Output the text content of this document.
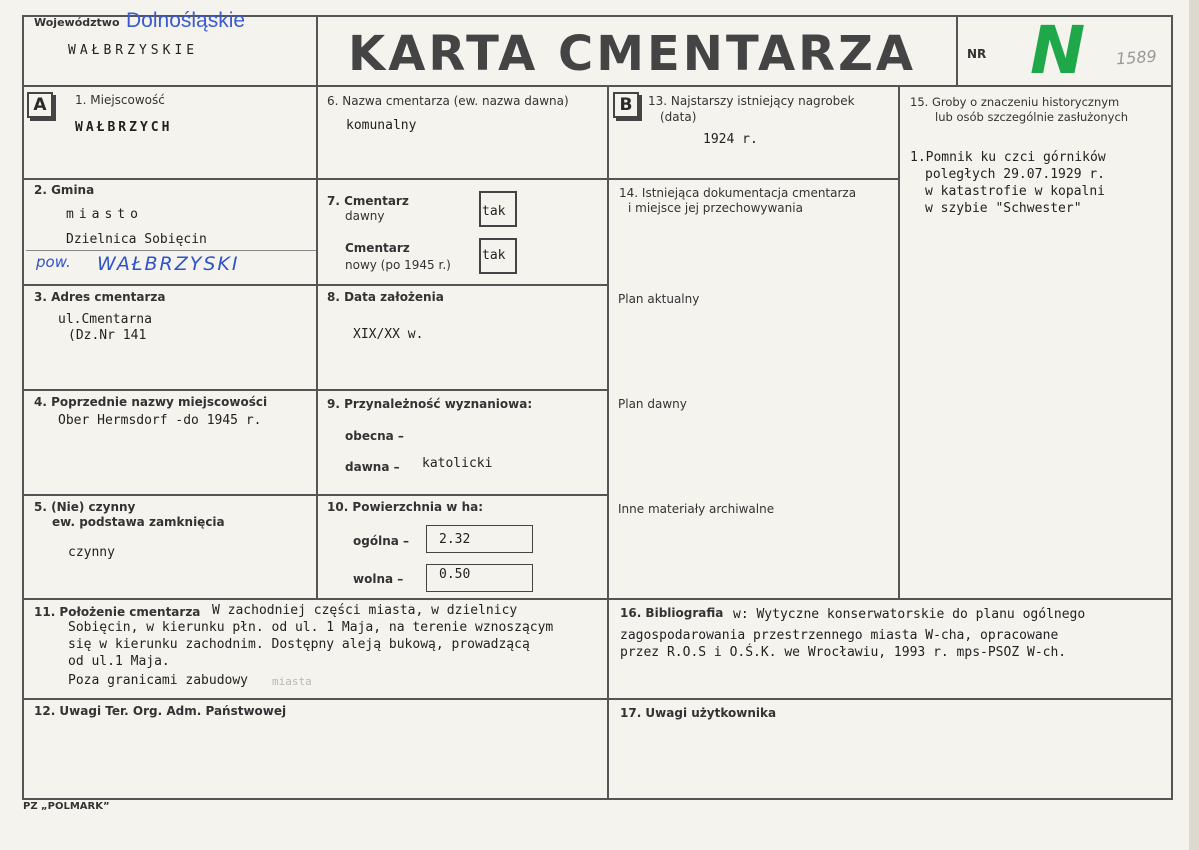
Województwo Dolnośląskie
WAŁBRZYSKIE	KARTA CMENTARZA	NR N 1589
A	B
1. Miejscowość
WAŁBRZYCH
2. Gmina
miasto
Dzielnica Sobięcin
pow. WAŁBRZYSKI
3. Adres cmentarza
ul.Cmentarna
(Dz.Nr 141
4. Poprzednie nazwy miejscowości
Ober Hermsdorf -do 1945 r.
5. (Nie) czynny
ew. podstawa zamknięcia
czynny
6. Nazwa cmentarza (ew. nazwa dawna)
komunalny
7. Cmentarz
dawny	tak
Cmentarz
nowy (po 1945 r.)
tak
8. Data założenia
XIX/XX w.
9. Przynależność wyznaniowa:
obecna –
dawna – katolicki
10. Powierzchnia w ha:
ogólna – 2.32
wolna –	0.50
13. Najstarszy istniejący nagrobek
(data)
1924 r.
14. Istniejąca dokumentacja cmentarza
i miejsce jej przechowywania
Plan aktualny
Plan dawny
Inne materiały archiwalne
15. Groby o znaczeniu historycznym
lub osób szczególnie zasłużonych
1.Pomnik ku czci górników
poległych 29.07.1929 r.
w katastrofie w kopalni
w szybie "Schwester"
11. Położenie cmentarza W zachodniej części miasta, w dzielnicy
Sobięcin, w kierunku płn. od ul. 1 Maja, na terenie wznoszącym
się w kierunku zachodnim. Dostępny aleją bukową, prowadzącą
od ul.1 Maja.
Poza granicami zabudowy miasta
16. Bibliografia w: Wytyczne konserwatorskie do planu ogólnego
zagospodarowania przestrzennego miasta W-cha, opracowane
przez R.O.S i O.Ś.K. we Wrocławiu, 1993 r. mps-PSOZ W-ch.
12. Uwagi Ter. Org. Adm. Państwowej	17. Uwagi użytkownika
PZ „POLMARK”
